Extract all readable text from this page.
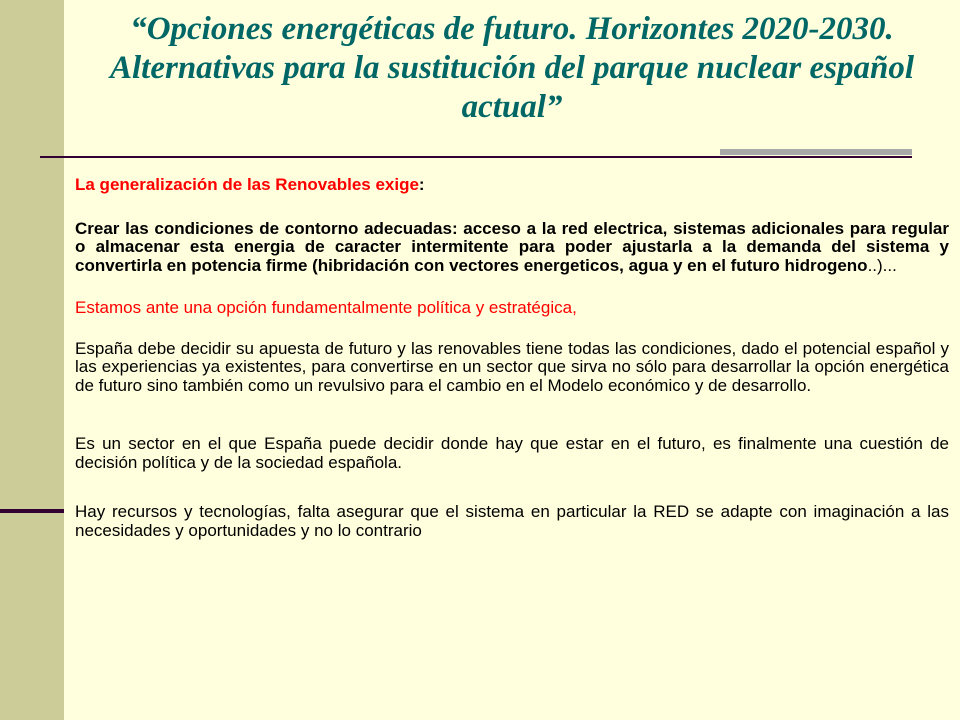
“Opciones energéticas de futuro. Horizontes 2020-2030. Alternativas para la sustitución del parque nuclear español actual”

La generalización de las Renovables exige:

Crear las condiciones de contorno adecuadas: acceso a la red electrica, sistemas adicionales para regular o almacenar esta energia de caracter intermitente para poder ajustarla a la demanda del sistema y convertirla en potencia firme (hibridación con vectores energeticos, agua y en el futuro hidrogeno..)...

Estamos ante una opción fundamentalmente política y estratégica,

España debe decidir su apuesta de futuro y las renovables tiene todas las condiciones, dado el potencial español y las experiencias ya existentes, para convertirse en un sector que sirva no sólo para desarrollar la opción energética de futuro sino también como un revulsivo para el cambio en el Modelo económico y de desarrollo.

Es un sector en el que España puede decidir donde hay que estar en el futuro, es finalmente una cuestión de decisión política y de la sociedad española.

Hay recursos y tecnologías, falta asegurar que el sistema en particular la RED se adapte con imaginación a las necesidades y oportunidades y no lo contrario
